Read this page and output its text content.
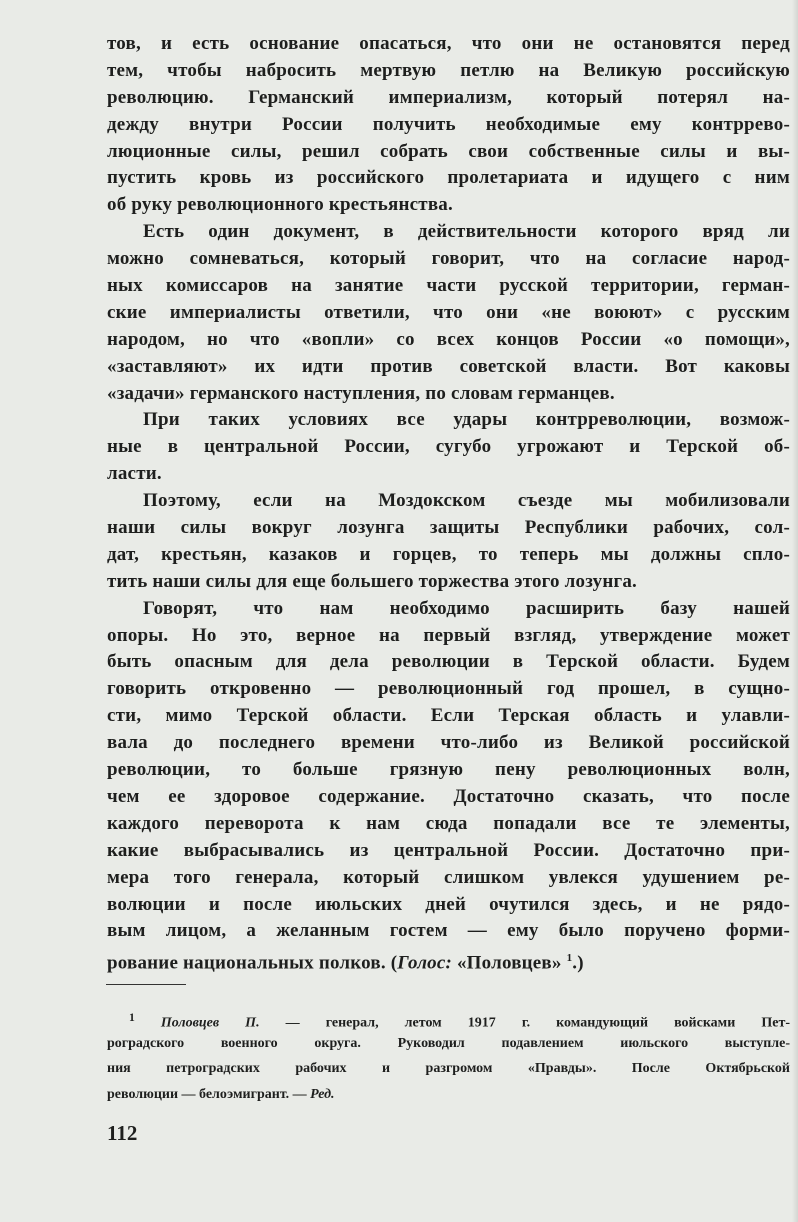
тов, и есть основание опасаться, что они не остановятся перед
тем, чтобы набросить мертвую петлю на Великую российскую
революцию. Германский империализм, который потерял на-
дежду внутри России получить необходимые ему контррево-
люционные силы, решил собрать свои собственные силы и вы-
пустить кровь из российского пролетариата и идущего с ним
об руку революционного крестьянства.
Есть один документ, в действительности которого вряд ли
можно сомневаться, который говорит, что на согласие народ-
ных комиссаров на занятие части русской территории, герман-
ские империалисты ответили, что они «не воюют» с русским
народом, но что «вопли» со всех концов России «о помощи»,
«заставляют» их идти против советской власти. Вот каковы
«задачи» германского наступления, по словам германцев.
При таких условиях все удары контрреволюции, возмож-
ные в центральной России, сугубо угрожают и Терской об-
ласти.
Поэтому, если на Моздокском съезде мы мобилизовали
наши силы вокруг лозунга защиты Республики рабочих, сол-
дат, крестьян, казаков и горцев, то теперь мы должны спло-
тить наши силы для еще большего торжества этого лозунга.
Говорят, что нам необходимо расширить базу нашей
опоры. Но это, верное на первый взгляд, утверждение может
быть опасным для дела революции в Терской области. Будем
говорить откровенно — революционный год прошел, в сущно-
сти, мимо Терской области. Если Терская область и улавли-
вала до последнего времени что-либо из Великой российской
революции, то больше грязную пену революционных волн,
чем ее здоровое содержание. Достаточно сказать, что после
каждого переворота к нам сюда попадали все те элементы,
какие выбрасывались из центральной России. Достаточно при-
мера того генерала, который слишком увлекся удушением ре-
волюции и после июльских дней очутился здесь, и не рядо-
вым лицом, а желанным гостем — ему было поручено форми-
рование национальных полков. (Голос: «Половцев» $^1$.)
$^1$ Половцев П. — генерал, летом 1917 г. командующий войсками Пет-
роградского военного округа. Руководил подавлением июльского выступле-
ния петроградских рабочих и разгромом «Правды». После Октябрьской
революции — белоэмигрант. — Ред.
112
